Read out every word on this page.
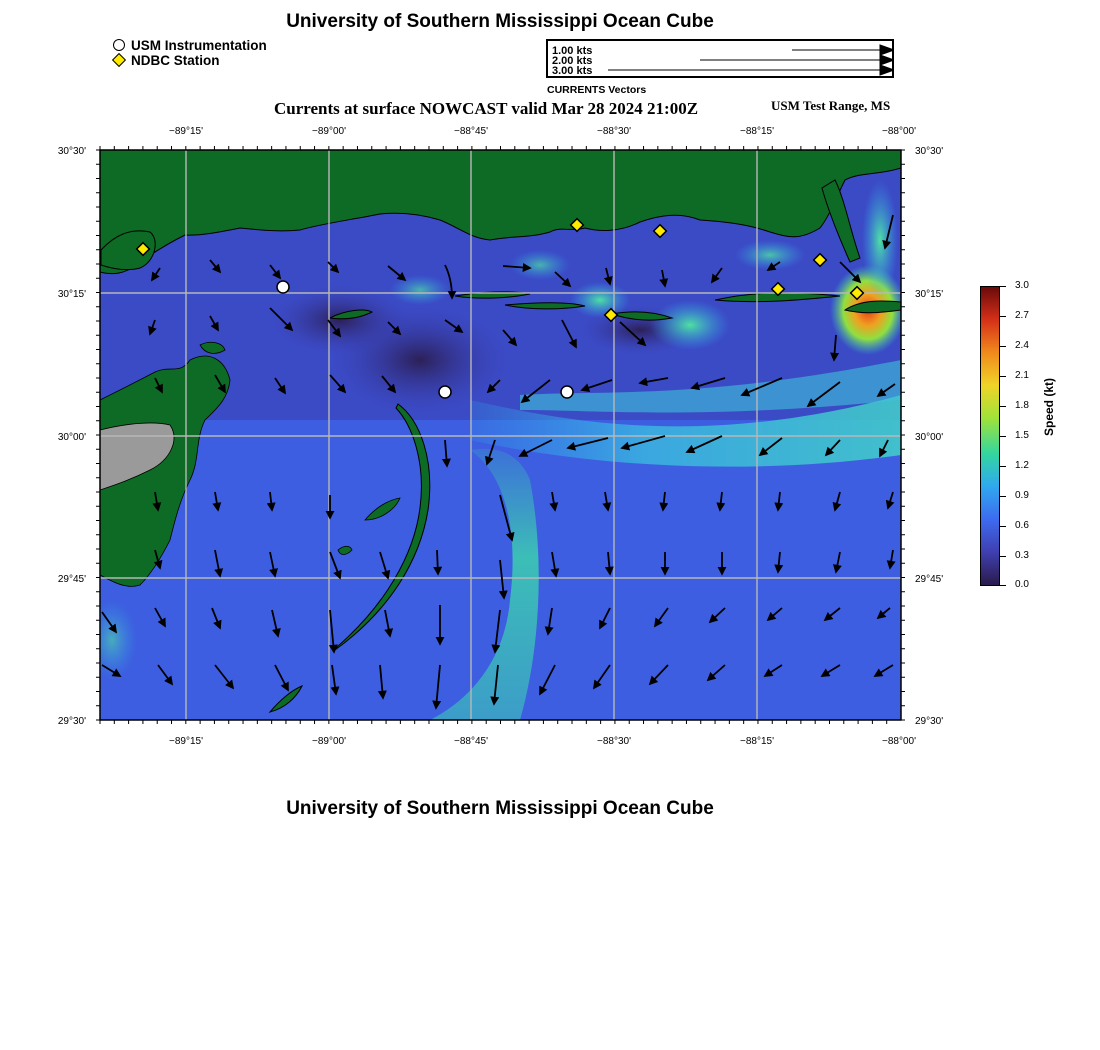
University of Southern Mississippi Ocean Cube
USM Instrumentation
NDBC Station
1.00 kts
2.00 kts
3.00 kts
CURRENTS Vectors
Currents at surface NOWCAST valid Mar 28 2024 21:00Z	USM Test Range, MS
−89°15'	−89°00'	−88°45'	−88°30'	−88°15'	−88°00'
−89°15'	−89°00'	−88°45'	−88°30'	−88°15'	−88°00'
30°30'
30°15'
30°00'
29°45'
29°30'
30°30'
30°15'
30°00'
29°45'
29°30'
3.0
2.7
2.4
2.1
1.8
1.5
1.2
0.9
0.6
0.3
0.0
Speed (kt)
University of Southern Mississippi Ocean Cube
